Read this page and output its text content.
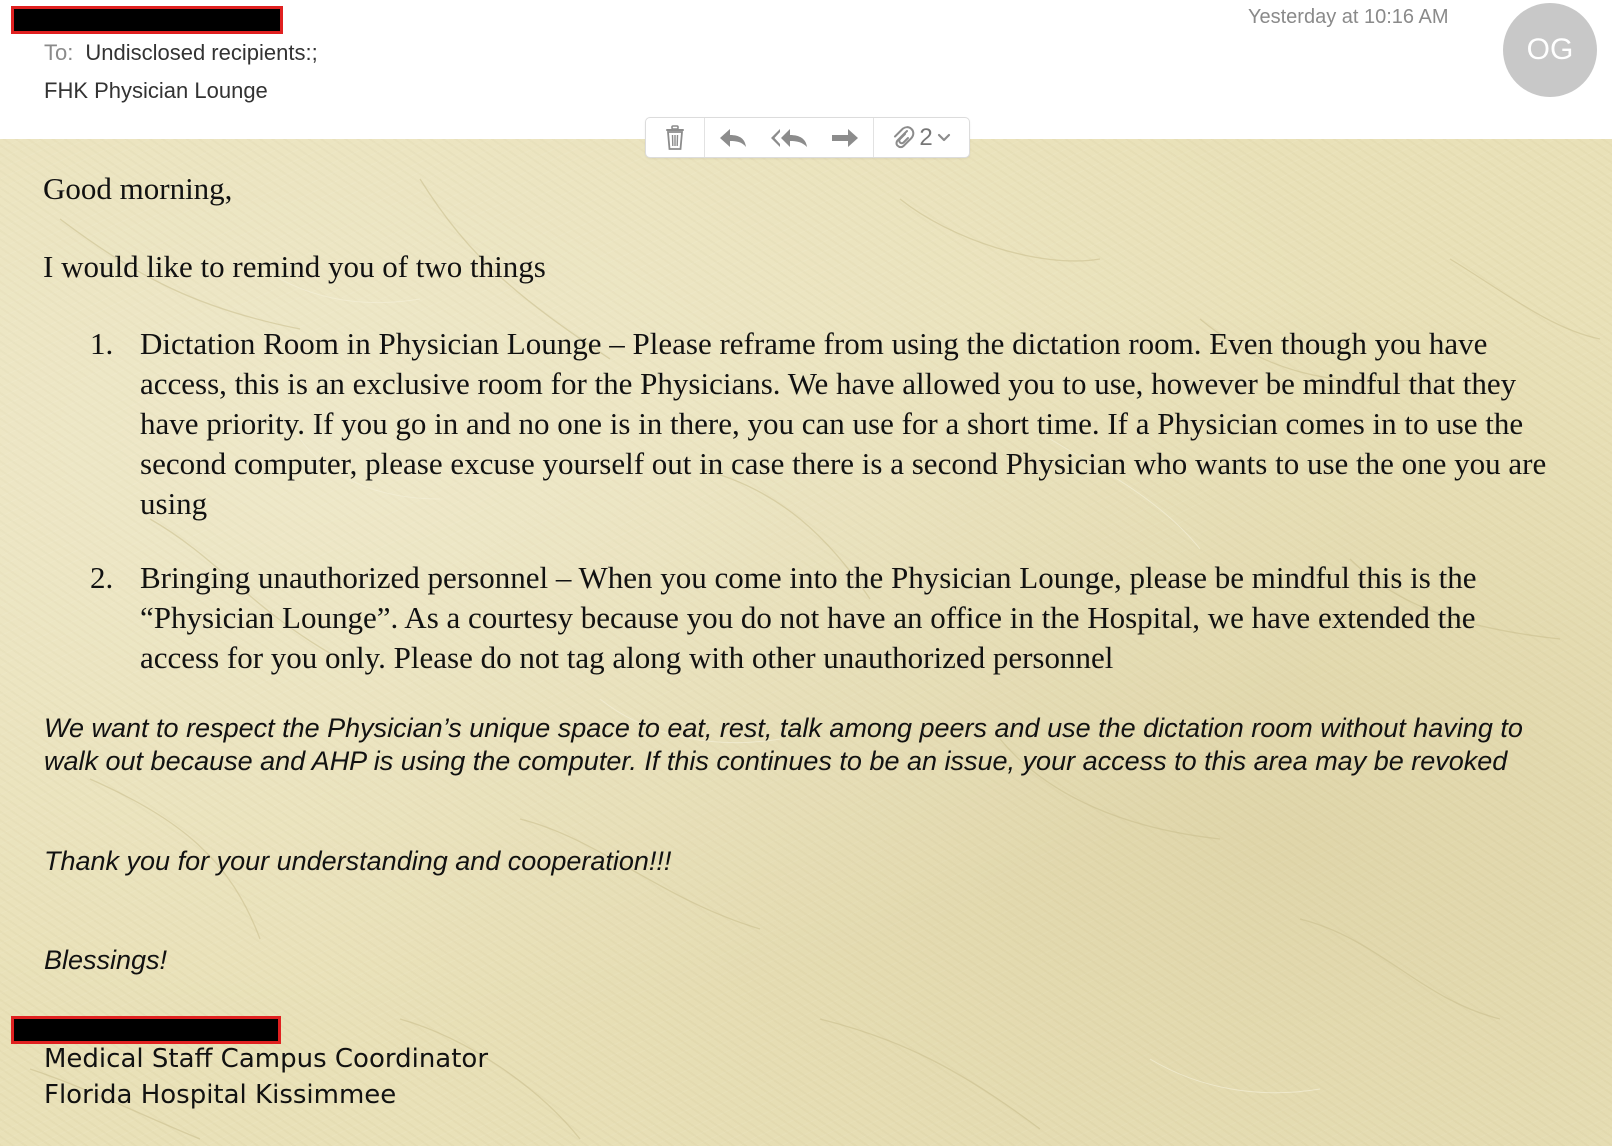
To: Undisclosed recipients:;
FHK Physician Lounge
Yesterday at 10:16 AM
OG
2
Good morning,
I would like to remind you of two things
1. Dictation Room in Physician Lounge – Please reframe from using the dictation room. Even though you have access, this is an exclusive room for the Physicians. We have allowed you to use, however be mindful that they have priority. If you go in and no one is in there, you can use for a short time. If a Physician comes in to use the second computer, please excuse yourself out in case there is a second Physician who wants to use the one you are using
2. Bringing unauthorized personnel – When you come into the Physician Lounge, please be mindful this is the “Physician Lounge”. As a courtesy because you do not have an office in the Hospital, we have extended the access for you only. Please do not tag along with other unauthorized personnel
We want to respect the Physician’s unique space to eat, rest, talk among peers and use the dictation room without having to walk out because and AHP is using the computer. If this continues to be an issue, your access to this area may be revoked
Thank you for your understanding and cooperation!!!
Blessings!
Medical Staff Campus Coordinator
Florida Hospital Kissimmee
